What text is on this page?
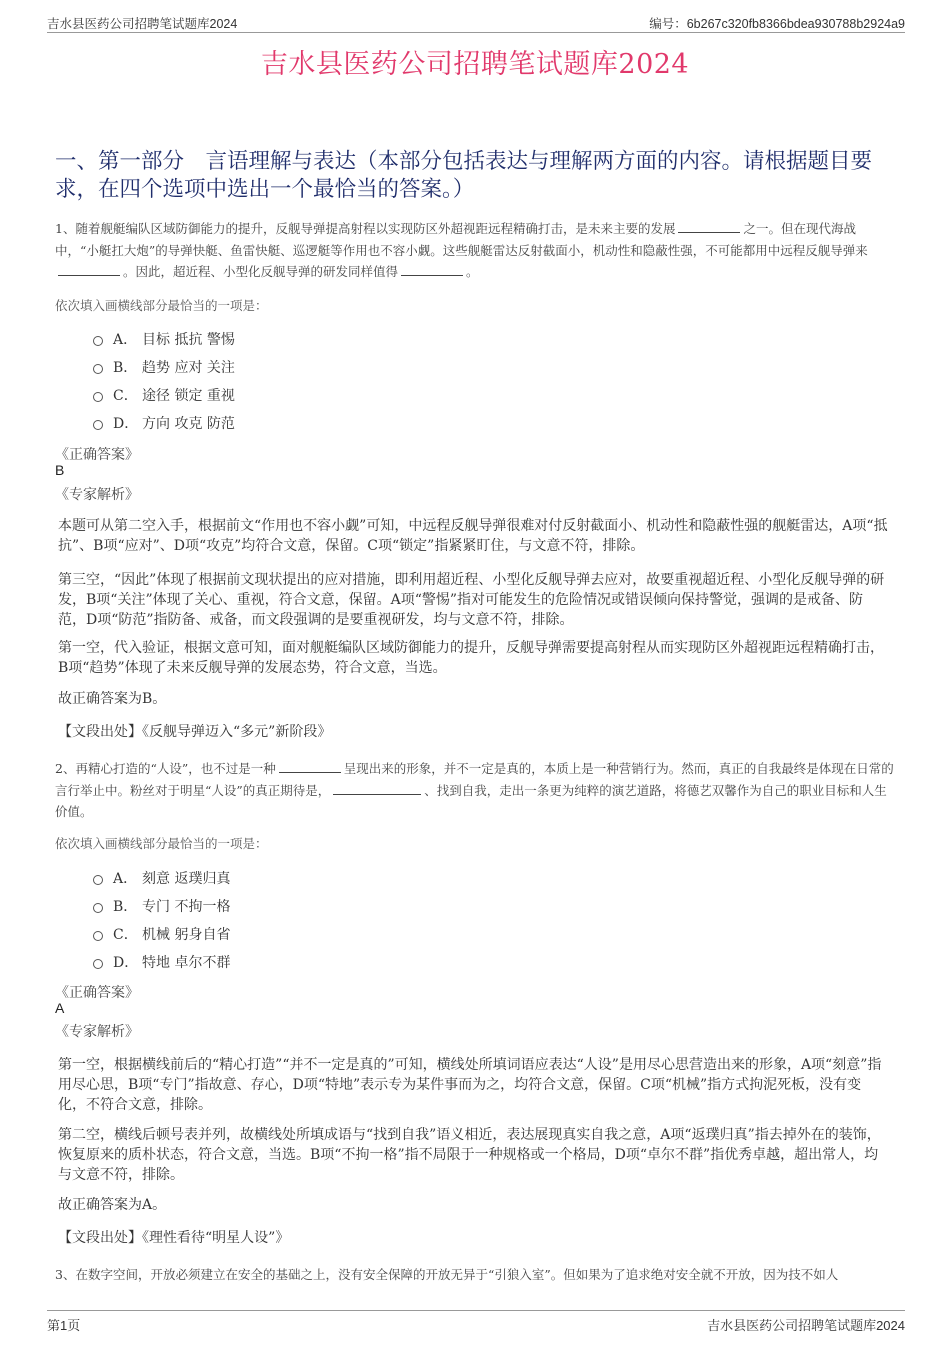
吉水县医药公司招聘笔试题库2024	编号：6b267c320fb8366bdea930788b2924a9
吉水县医药公司招聘笔试题库2024
一、第一部分　言语理解与表达（本部分包括表达与理解两方面的内容。请根据题目要求，在四个选项中选出一个最恰当的答案。）

1、随着舰艇编队区域防御能力的提升，反舰导弹提高射程以实现防区外超视距远程精确打击，是未来主要的发展	之一。但在现代海战中，“小艇扛大炮”的导弹快艇、鱼雷快艇、巡逻艇等作用也不容小觑。这些舰艇雷达反射截面小，机动性和隐蔽性强，不可能都用中远程反舰导弹来。因此，超近程、小型化反舰导弹的研发同样值得	。

依次填入画横线部分最恰当的一项是：

A． 目标 抵抗 警惕
B． 趋势 应对 关注
C． 途径 锁定 重视
D． 方向 攻克 防范

《正确答案》

B

《专家解析》

本题可从第二空入手，根据前文“作用也不容小觑”可知，中远程反舰导弹很难对付反射截面小、机动性和隐蔽性强的舰艇雷达，A项“抵抗”、B项“应对”、D项“攻克”均符合文意，保留。C项“锁定”指紧紧盯住，与文意不符，排除。

第三空，“因此”体现了根据前文现状提出的应对措施，即利用超近程、小型化反舰导弹去应对，故要重视超近程、小型化反舰导弹的研发，B项“关注”体现了关心、重视，符合文意，保留。A项“警惕”指对可能发生的危险情况或错误倾向保持警觉，强调的是戒备、防范，D项“防范”指防备、戒备，而文段强调的是要重视研发，均与文意不符，排除。

第一空，代入验证，根据文意可知，面对舰艇编队区域防御能力的提升，反舰导弹需要提高射程从而实现防区外超视距远程精确打击，B项“趋势”体现了未来反舰导弹的发展态势，符合文意，当选。

故正确答案为B。

【文段出处】《反舰导弹迈入“多元”新阶段》

2、再精心打造的“人设”，也不过是一种	呈现出来的形象，并不一定是真的，本质上是一种营销行为。然而，真正的自我最终是体现在日常的言行举止中。粉丝对于明星“人设”的真正期待是，	、找到自我，走出一条更为纯粹的演艺道路，将德艺双馨作为自己的职业目标和人生价值。

依次填入画横线部分最恰当的一项是：

A． 刻意 返璞归真
B． 专门 不拘一格
C． 机械 躬身自省
D． 特地 卓尔不群

《正确答案》

A

《专家解析》

第一空，根据横线前后的“精心打造”“并不一定是真的”可知，横线处所填词语应表达“人设”是用尽心思营造出来的形象，A项“刻意”指用尽心思，B项“专门”指故意、存心，D项“特地”表示专为某件事而为之，均符合文意，保留。C项“机械”指方式拘泥死板，没有变化，不符合文意，排除。

第二空，横线后顿号表并列，故横线处所填成语与“找到自我”语义相近，表达展现真实自我之意，A项“返璞归真”指去掉外在的装饰，恢复原来的质朴状态，符合文意，当选。B项“不拘一格”指不局限于一种规格或一个格局，D项“卓尔不群”指优秀卓越，超出常人，均与文意不符，排除。

故正确答案为A。

【文段出处】《理性看待“明星人设”》

3、在数字空间，开放必须建立在安全的基础之上，没有安全保障的开放无异于“引狼入室”。但如果为了追求绝对安全就不开放，因为技不如人

第1页	吉水县医药公司招聘笔试题库2024
